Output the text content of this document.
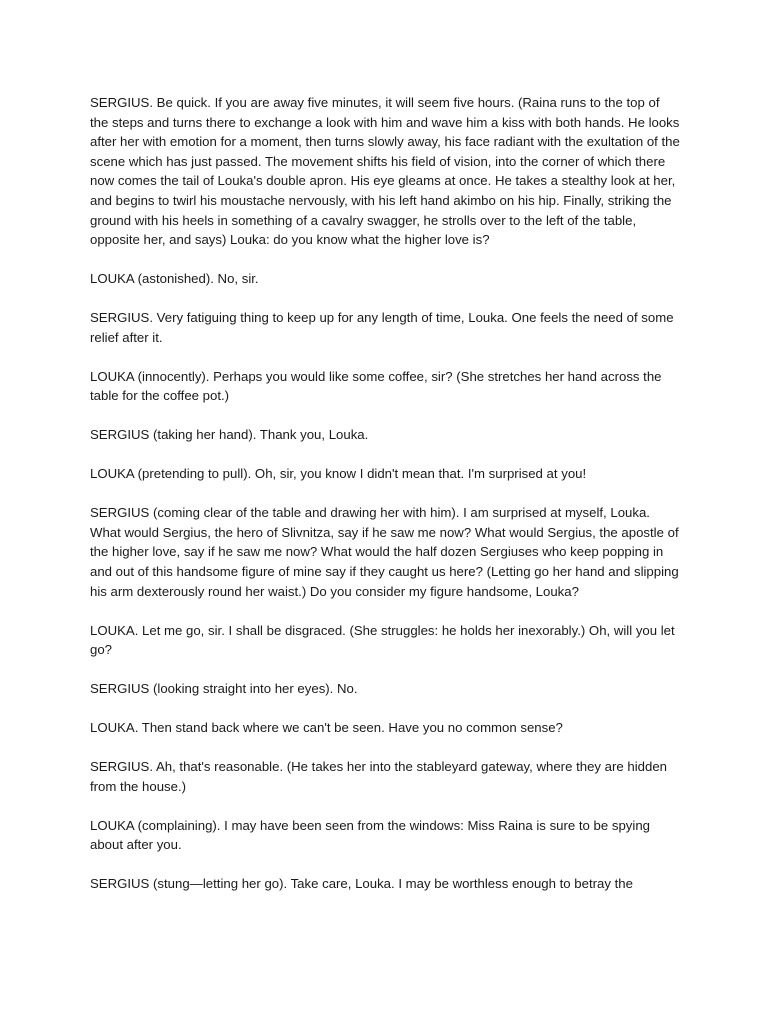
SERGIUS. Be quick. If you are away five minutes, it will seem five hours. (Raina runs to the top of the steps and turns there to exchange a look with him and wave him a kiss with both hands. He looks after her with emotion for a moment, then turns slowly away, his face radiant with the exultation of the scene which has just passed. The movement shifts his field of vision, into the corner of which there now comes the tail of Louka's double apron. His eye gleams at once. He takes a stealthy look at her, and begins to twirl his moustache nervously, with his left hand akimbo on his hip. Finally, striking the ground with his heels in something of a cavalry swagger, he strolls over to the left of the table, opposite her, and says) Louka: do you know what the higher love is?

LOUKA (astonished). No, sir.

SERGIUS. Very fatiguing thing to keep up for any length of time, Louka. One feels the need of some relief after it.

LOUKA (innocently). Perhaps you would like some coffee, sir? (She stretches her hand across the table for the coffee pot.)

SERGIUS (taking her hand). Thank you, Louka.

LOUKA (pretending to pull). Oh, sir, you know I didn't mean that. I'm surprised at you!

SERGIUS (coming clear of the table and drawing her with him). I am surprised at myself, Louka. What would Sergius, the hero of Slivnitza, say if he saw me now? What would Sergius, the apostle of the higher love, say if he saw me now? What would the half dozen Sergiuses who keep popping in and out of this handsome figure of mine say if they caught us here? (Letting go her hand and slipping his arm dexterously round her waist.) Do you consider my figure handsome, Louka?

LOUKA. Let me go, sir. I shall be disgraced. (She struggles: he holds her inexorably.) Oh, will you let go?

SERGIUS (looking straight into her eyes). No.

LOUKA. Then stand back where we can't be seen. Have you no common sense?

SERGIUS. Ah, that's reasonable. (He takes her into the stableyard gateway, where they are hidden from the house.)

LOUKA (complaining). I may have been seen from the windows: Miss Raina is sure to be spying about after you.

SERGIUS (stung—letting her go). Take care, Louka. I may be worthless enough to betray the
